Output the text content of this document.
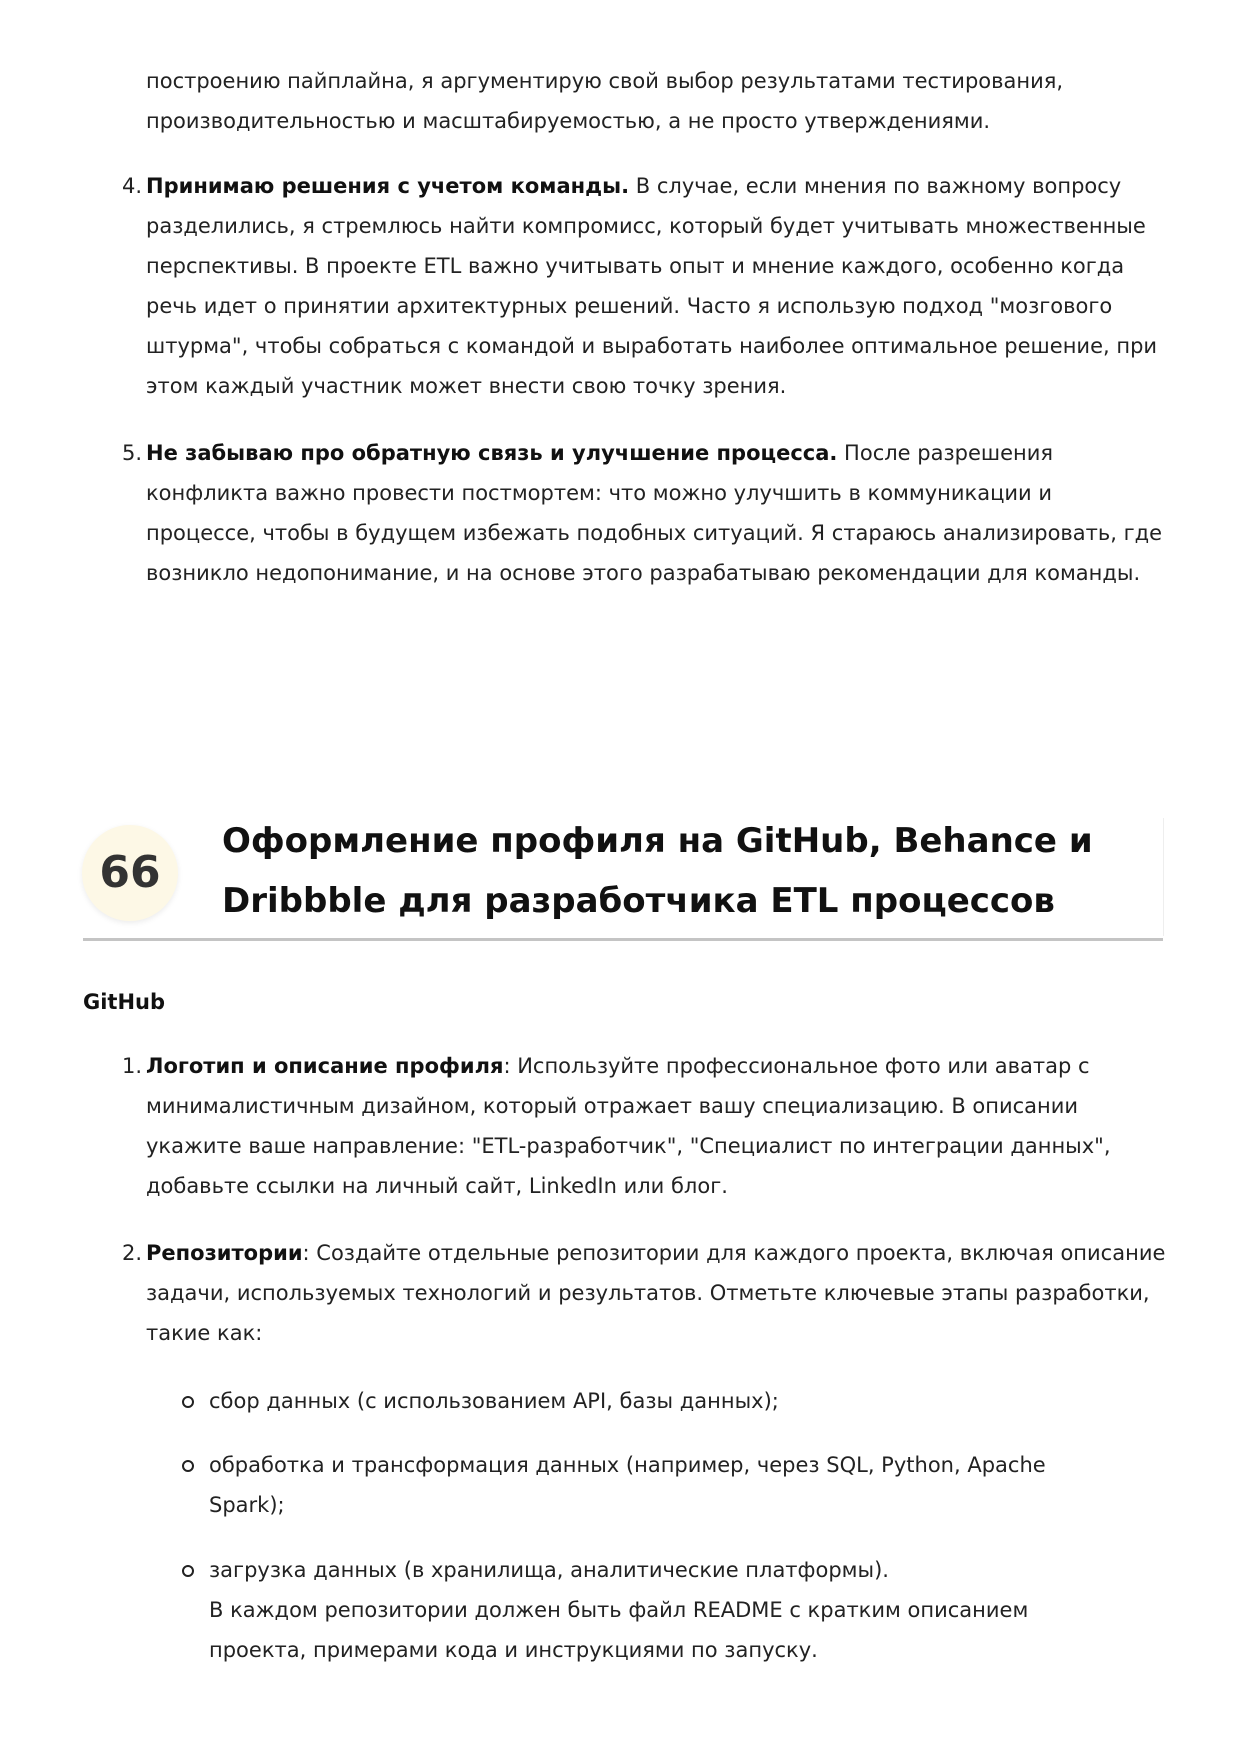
построению пайплайна, я аргументирую свой выбор результатами тестирования, производительностью и масштабируемостью, а не просто утверждениями.
4. Принимаю решения с учетом команды. В случае, если мнения по важному вопросу разделились, я стремлюсь найти компромисс, который будет учитывать множественные перспективы. В проекте ETL важно учитывать опыт и мнение каждого, особенно когда речь идет о принятии архитектурных решений. Часто я использую подход "мозгового штурма", чтобы собраться с командой и выработать наиболее оптимальное решение, при этом каждый участник может внести свою точку зрения.
5. Не забываю про обратную связь и улучшение процесса. После разрешения конфликта важно провести постмортем: что можно улучшить в коммуникации и процессе, чтобы в будущем избежать подобных ситуаций. Я стараюсь анализировать, где возникло недопонимание, и на основе этого разрабатываю рекомендации для команды.
66
Оформление профиля на GitHub, Behance и Dribbble для разработчика ETL процессов
GitHub
1. Логотип и описание профиля: Используйте профессиональное фото или аватар с минималистичным дизайном, который отражает вашу специализацию. В описании укажите ваше направление: "ETL-разработчик", "Специалист по интеграции данных", добавьте ссылки на личный сайт, LinkedIn или блог.
2. Репозитории: Создайте отдельные репозитории для каждого проекта, включая описание задачи, используемых технологий и результатов. Отметьте ключевые этапы разработки, такие как:
сбор данных (с использованием API, базы данных);
обработка и трансформация данных (например, через SQL, Python, Apache Spark);
загрузка данных (в хранилища, аналитические платформы).
В каждом репозитории должен быть файл README с кратким описанием проекта, примерами кода и инструкциями по запуску.
